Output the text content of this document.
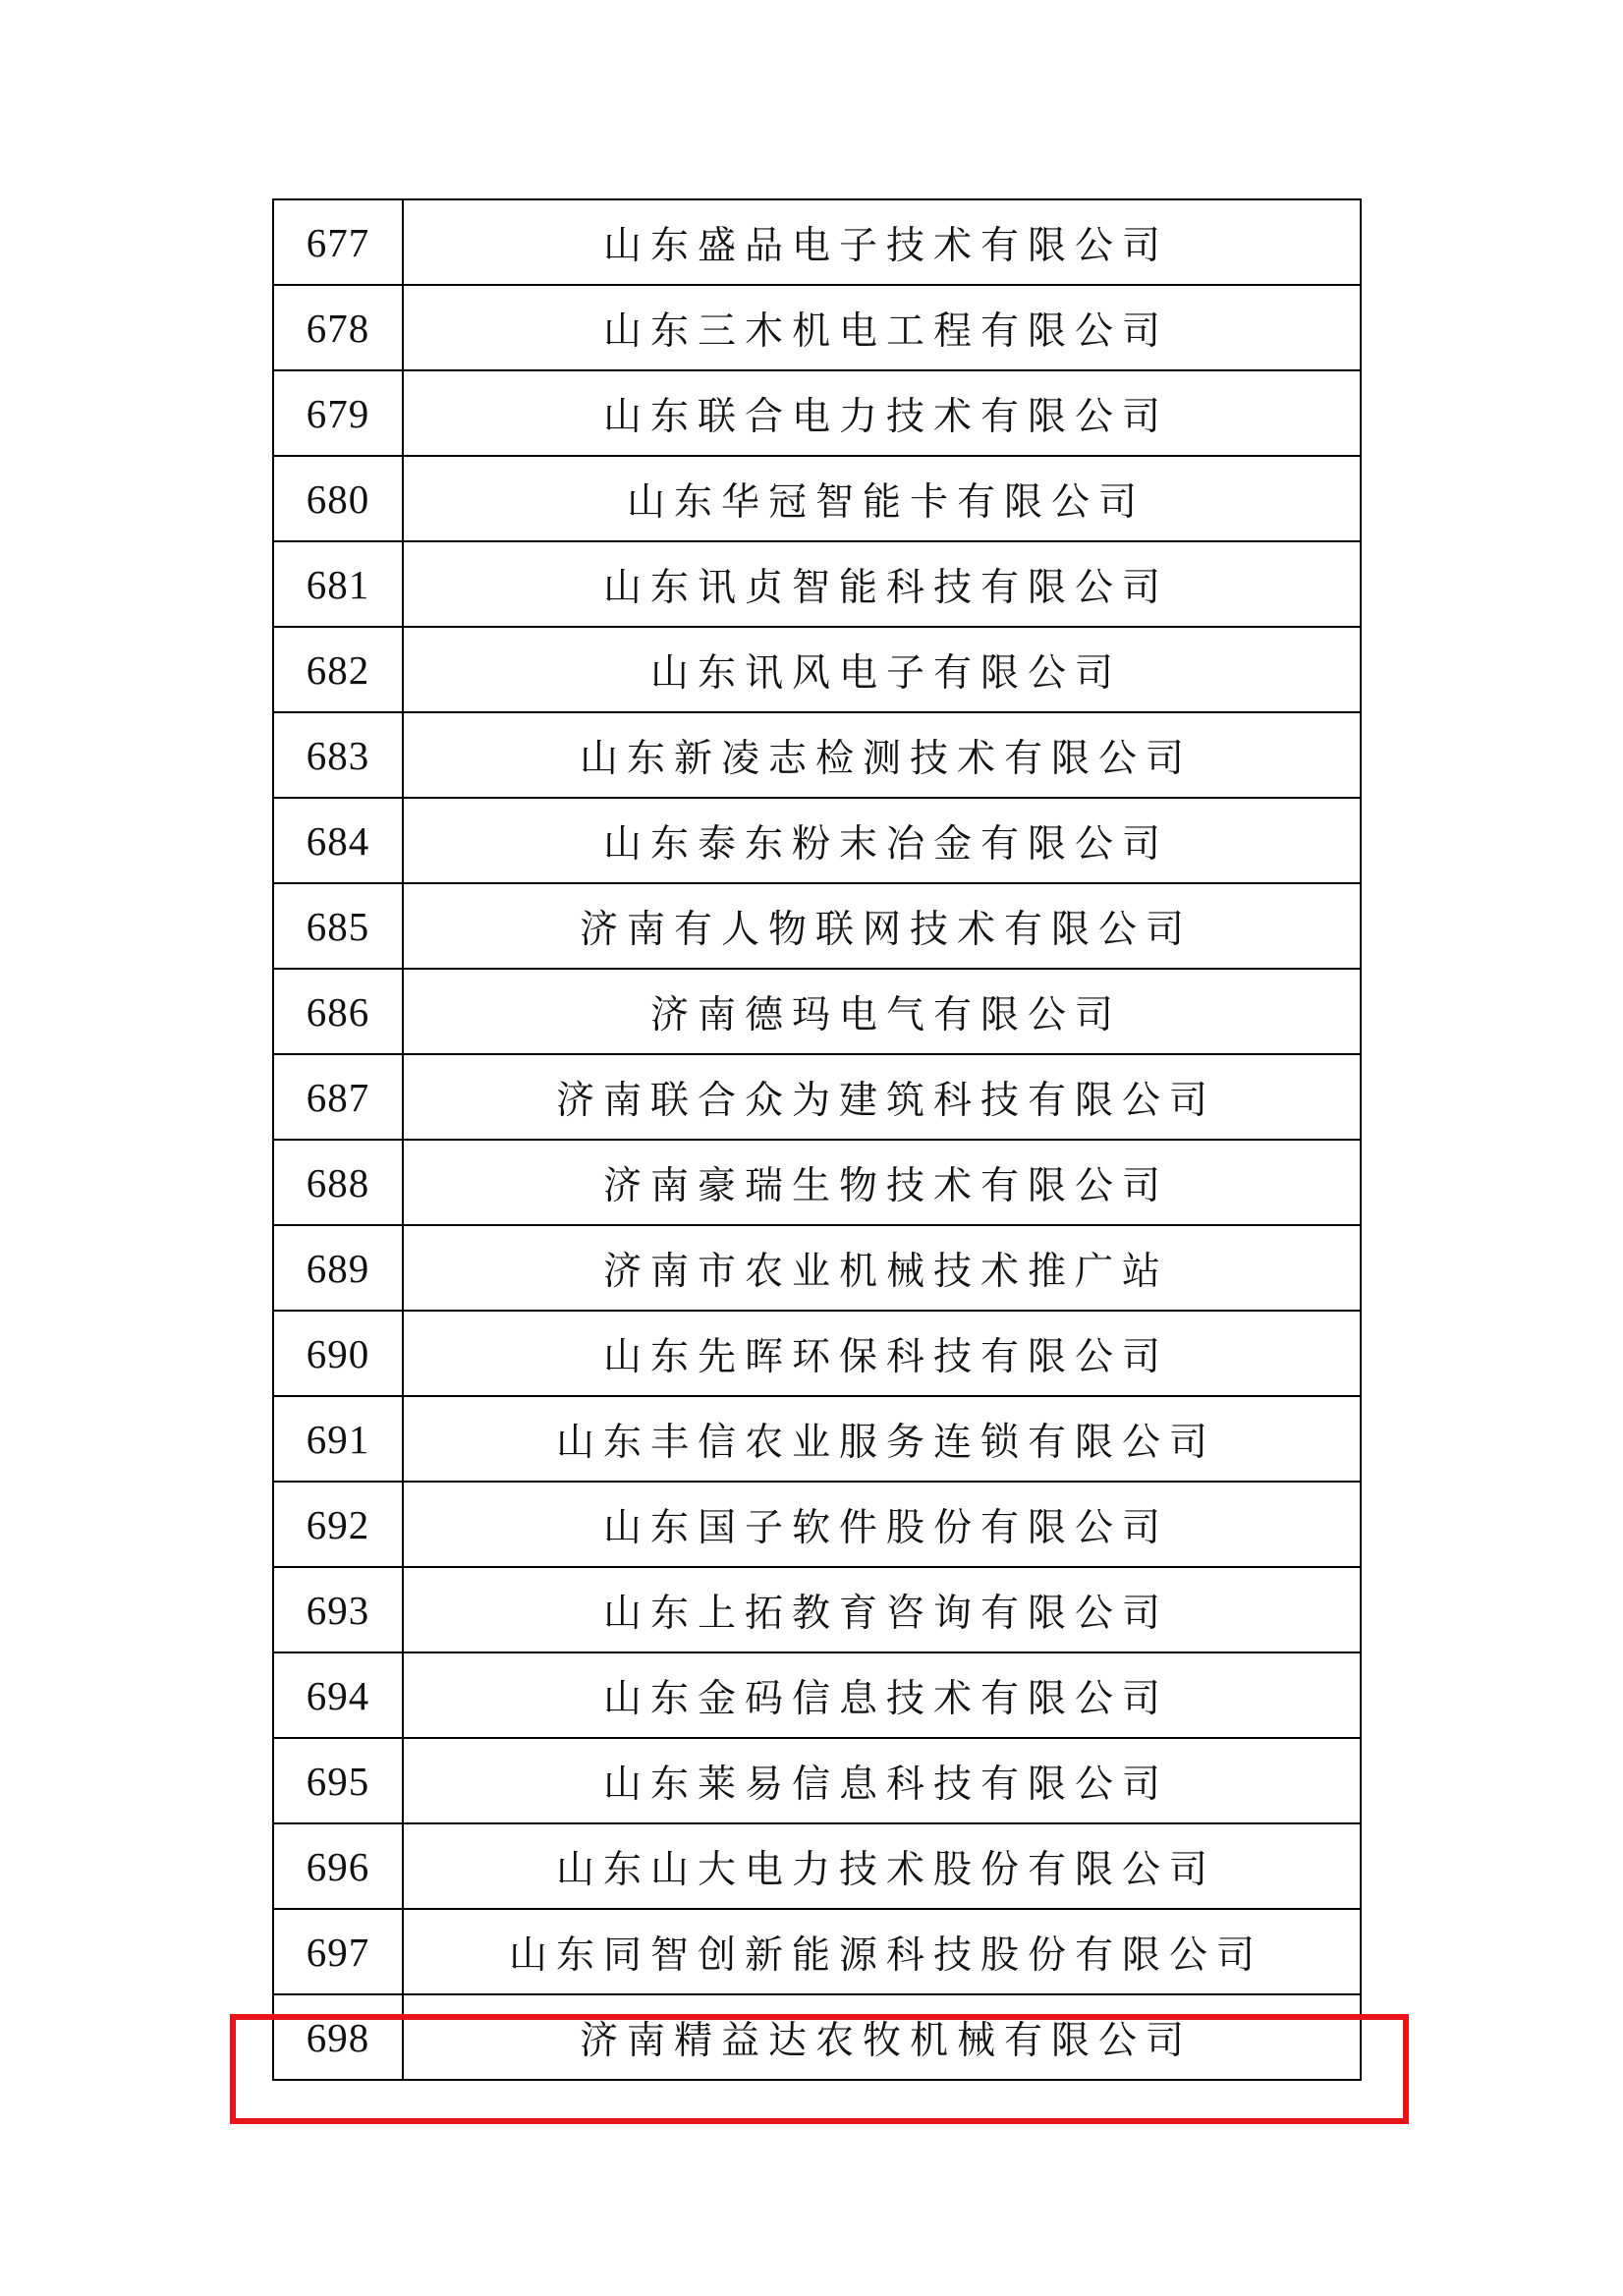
677	山东盛品电子技术有限公司
678	山东三木机电工程有限公司
679	山东联合电力技术有限公司
680	山东华冠智能卡有限公司
681	山东讯贞智能科技有限公司
682	山东讯风电子有限公司
683	山东新凌志检测技术有限公司
684	山东泰东粉末冶金有限公司
685	济南有人物联网技术有限公司
686	济南德玛电气有限公司
687	济南联合众为建筑科技有限公司
688	济南豪瑞生物技术有限公司
689	济南市农业机械技术推广站
690	山东先晖环保科技有限公司
691	山东丰信农业服务连锁有限公司
692	山东国子软件股份有限公司
693	山东上拓教育咨询有限公司
694	山东金码信息技术有限公司
695	山东莱易信息科技有限公司
696	山东山大电力技术股份有限公司
697	山东同智创新能源科技股份有限公司
698	济南精益达农牧机械有限公司
